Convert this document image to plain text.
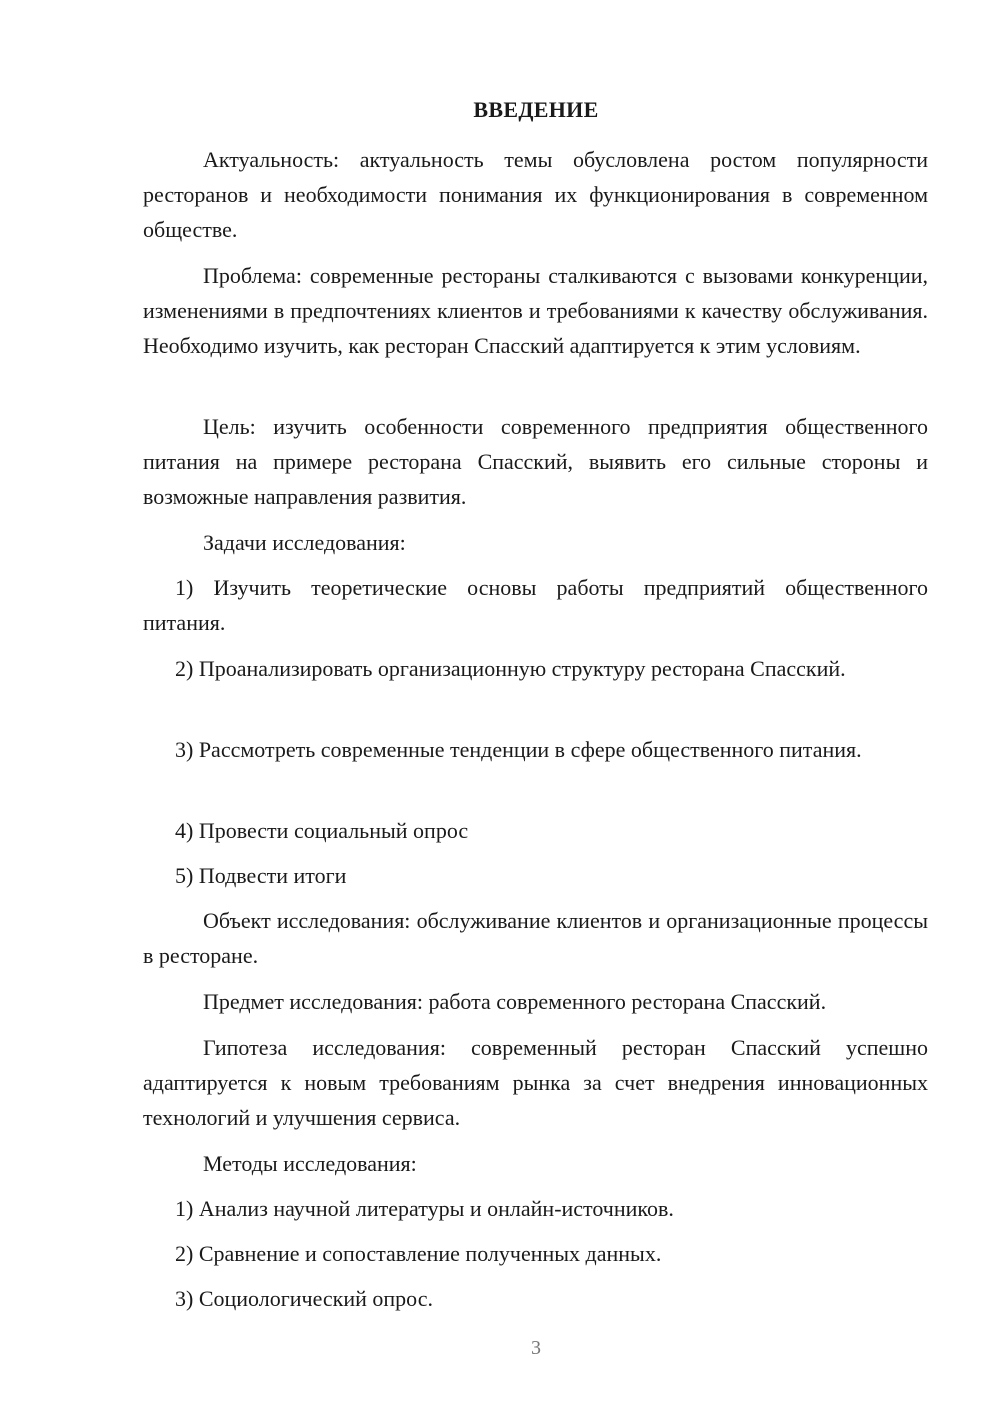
ВВЕДЕНИЕ

Актуальность: актуальность темы обусловлена ростом популярности ресторанов и необходимости понимания их функционирования в современном обществе.

Проблема: современные рестораны сталкиваются с вызовами конкуренции, изменениями в предпочтениях клиентов и требованиями к качеству обслуживания. Необходимо изучить, как ресторан Спасский адаптируется к этим условиям.

Цель: изучить особенности современного предприятия общественного питания на примере ресторана Спасский, выявить его сильные стороны и возможные направления развития.

Задачи исследования:

1) Изучить теоретические основы работы предприятий общественного питания.

2) Проанализировать организационную структуру ресторана Спасский.

3) Рассмотреть современные тенденции в сфере общественного питания.

4) Провести социальный опрос

5) Подвести итоги

Объект исследования: обслуживание клиентов и организационные процессы в ресторане.

Предмет исследования: работа современного ресторана Спасский.

Гипотеза исследования: современный ресторан Спасский успешно адаптируется к новым требованиям рынка за счет внедрения инновационных технологий и улучшения сервиса.

Методы исследования:

1) Анализ научной литературы и онлайн-источников.

2) Сравнение и сопоставление полученных данных.

3) Социологический опрос.

3
